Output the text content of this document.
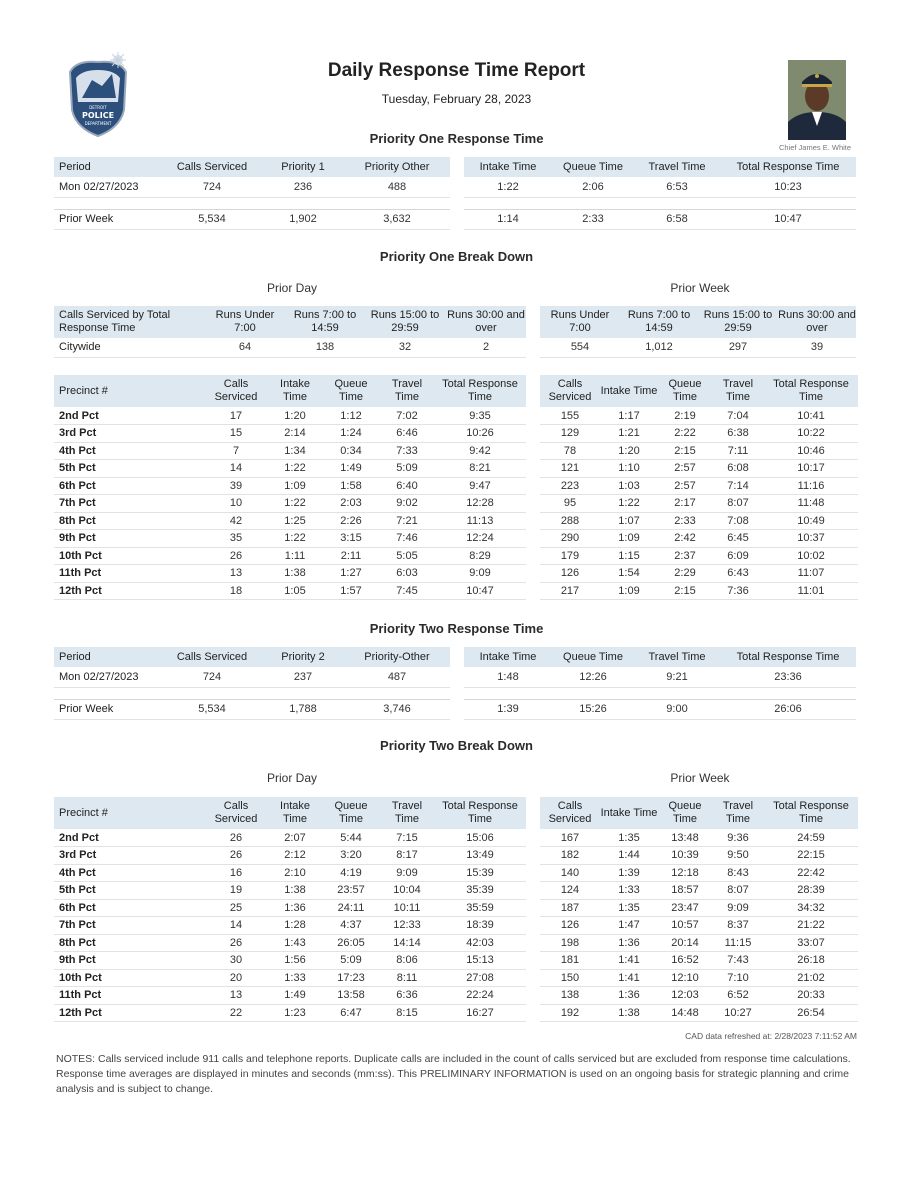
DETROIT
POLICE
DEPARTMENT
Daily Response Time Report
Tuesday, February 28, 2023
Chief James E. White
Priority One Response Time
Period	Calls Serviced	Priority 1	Priority Other
Mon 02/27/2023	724	236	488

Prior Week	5,534	1,902	3,632
Intake Time	Queue Time	Travel Time	Total Response Time
1:22	2:06	6:53	10:23

1:14	2:33	6:58	10:47
Priority One Break Down
Prior Day	Prior Week
Calls Serviced by Total Response Time	Runs Under 7:00	Runs 7:00 to 14:59	Runs 15:00 to 29:59	Runs 30:00 and over
Citywide	64	138	32	2
Runs Under 7:00	Runs 7:00 to 14:59	Runs 15:00 to 29:59	Runs 30:00 and over
554	1,012	297	39
Precinct #	Calls Serviced	Intake Time	Queue Time	Travel Time	Total Response Time
2nd Pct	17	1:20	1:12	7:02	9:35
3rd Pct	15	2:14	1:24	6:46	10:26
4th Pct	7	1:34	0:34	7:33	9:42
5th Pct	14	1:22	1:49	5:09	8:21
6th Pct	39	1:09	1:58	6:40	9:47
7th Pct	10	1:22	2:03	9:02	12:28
8th Pct	42	1:25	2:26	7:21	11:13
9th Pct	35	1:22	3:15	7:46	12:24
10th Pct	26	1:11	2:11	5:05	8:29
11th Pct	13	1:38	1:27	6:03	9:09
12th Pct	18	1:05	1:57	7:45	10:47
Calls Serviced	Intake Time	Queue Time	Travel Time	Total Response Time
155	1:17	2:19	7:04	10:41
129	1:21	2:22	6:38	10:22
78	1:20	2:15	7:11	10:46
121	1:10	2:57	6:08	10:17
223	1:03	2:57	7:14	11:16
95	1:22	2:17	8:07	11:48
288	1:07	2:33	7:08	10:49
290	1:09	2:42	6:45	10:37
179	1:15	2:37	6:09	10:02
126	1:54	2:29	6:43	11:07
217	1:09	2:15	7:36	11:01
Priority Two Response Time
Period	Calls Serviced	Priority 2	Priority-Other
Mon 02/27/2023	724	237	487

Prior Week	5,534	1,788	3,746
Intake Time	Queue Time	Travel Time	Total Response Time
1:48	12:26	9:21	23:36

1:39	15:26	9:00	26:06
Priority Two Break Down
Prior Day	Prior Week
Precinct #	Calls Serviced	Intake Time	Queue Time	Travel Time	Total Response Time
2nd Pct	26	2:07	5:44	7:15	15:06
3rd Pct	26	2:12	3:20	8:17	13:49
4th Pct	16	2:10	4:19	9:09	15:39
5th Pct	19	1:38	23:57	10:04	35:39
6th Pct	25	1:36	24:11	10:11	35:59
7th Pct	14	1:28	4:37	12:33	18:39
8th Pct	26	1:43	26:05	14:14	42:03
9th Pct	30	1:56	5:09	8:06	15:13
10th Pct	20	1:33	17:23	8:11	27:08
11th Pct	13	1:49	13:58	6:36	22:24
12th Pct	22	1:23	6:47	8:15	16:27
Calls Serviced	Intake Time	Queue Time	Travel Time	Total Response Time
167	1:35	13:48	9:36	24:59
182	1:44	10:39	9:50	22:15
140	1:39	12:18	8:43	22:42
124	1:33	18:57	8:07	28:39
187	1:35	23:47	9:09	34:32
126	1:47	10:57	8:37	21:22
198	1:36	20:14	11:15	33:07
181	1:41	16:52	7:43	26:18
150	1:41	12:10	7:10	21:02
138	1:36	12:03	6:52	20:33
192	1:38	14:48	10:27	26:54
CAD data refreshed at: 2/28/2023 7:11:52 AM
NOTES: Calls serviced include 911 calls and telephone reports. Duplicate calls are included in the count of calls serviced but are excluded from response time calculations. Response time averages are displayed in minutes and seconds (mm:ss). This PRELIMINARY INFORMATION is used on an ongoing basis for strategic planning and crime analysis and is subject to change.
